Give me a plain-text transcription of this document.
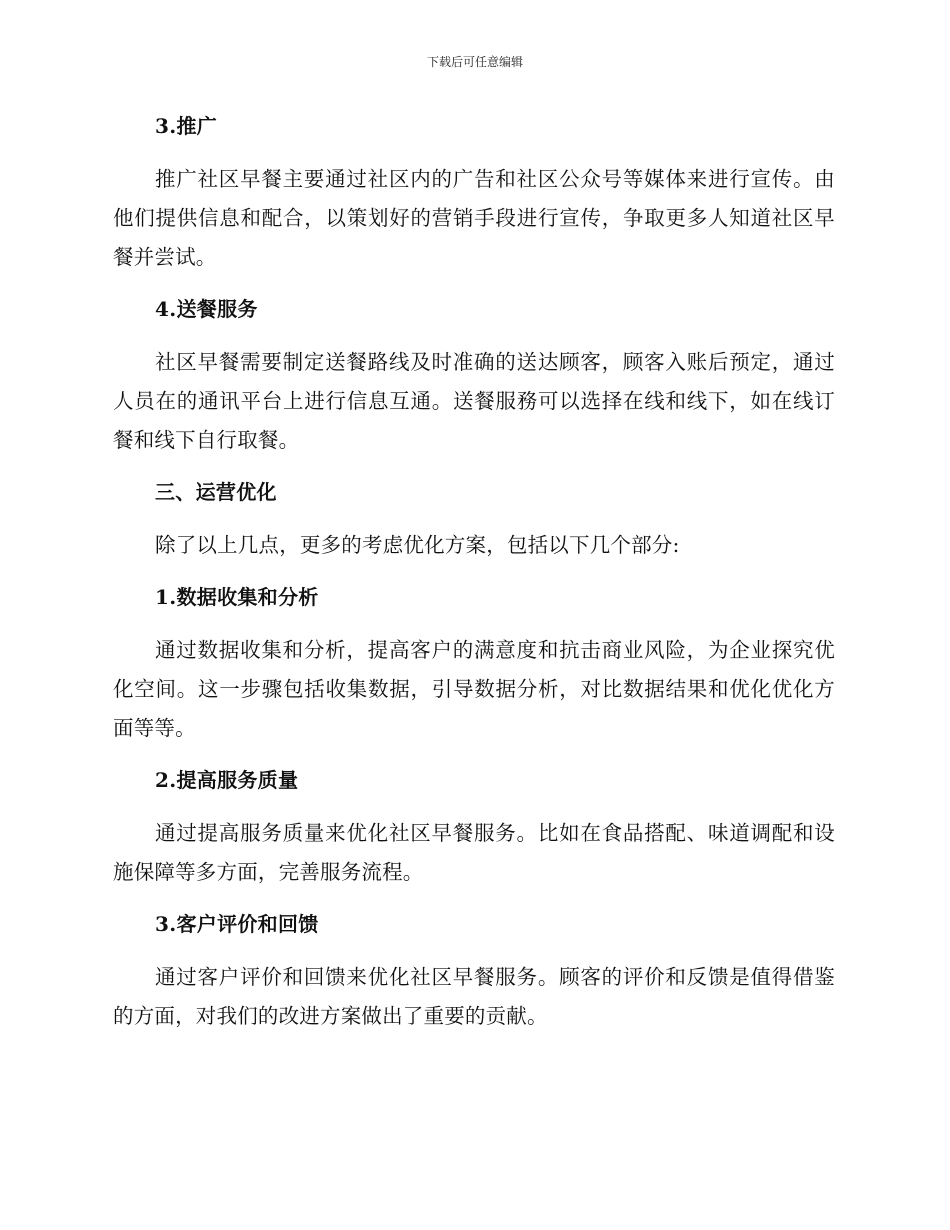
下载后可任意编辑
3.推广

推广社区早餐主要通过社区内的广告和社区公众号等媒体来进行宣传。由他们提供信息和配合，以策划好的营销手段进行宣传，争取更多人知道社区早餐并尝试。

4.送餐服务

社区早餐需要制定送餐路线及时准确的送达顾客，顾客入账后预定，通过人员在的通讯平台上进行信息互通。送餐服務可以选择在线和线下，如在线订餐和线下自行取餐。

三、运营优化

除了以上几点，更多的考虑优化方案，包括以下几个部分:

1.数据收集和分析

通过数据收集和分析，提高客户的满意度和抗击商业风险，为企业探究优化空间。这一步骤包括收集数据，引导数据分析，对比数据结果和优化优化方面等等。

2.提高服务质量

通过提高服务质量来优化社区早餐服务。比如在食品搭配、味道调配和设施保障等多方面，完善服务流程。

3.客户评价和回馈

通过客户评价和回馈来优化社区早餐服务。顾客的评价和反馈是值得借鉴的方面，对我们的改进方案做出了重要的贡献。
